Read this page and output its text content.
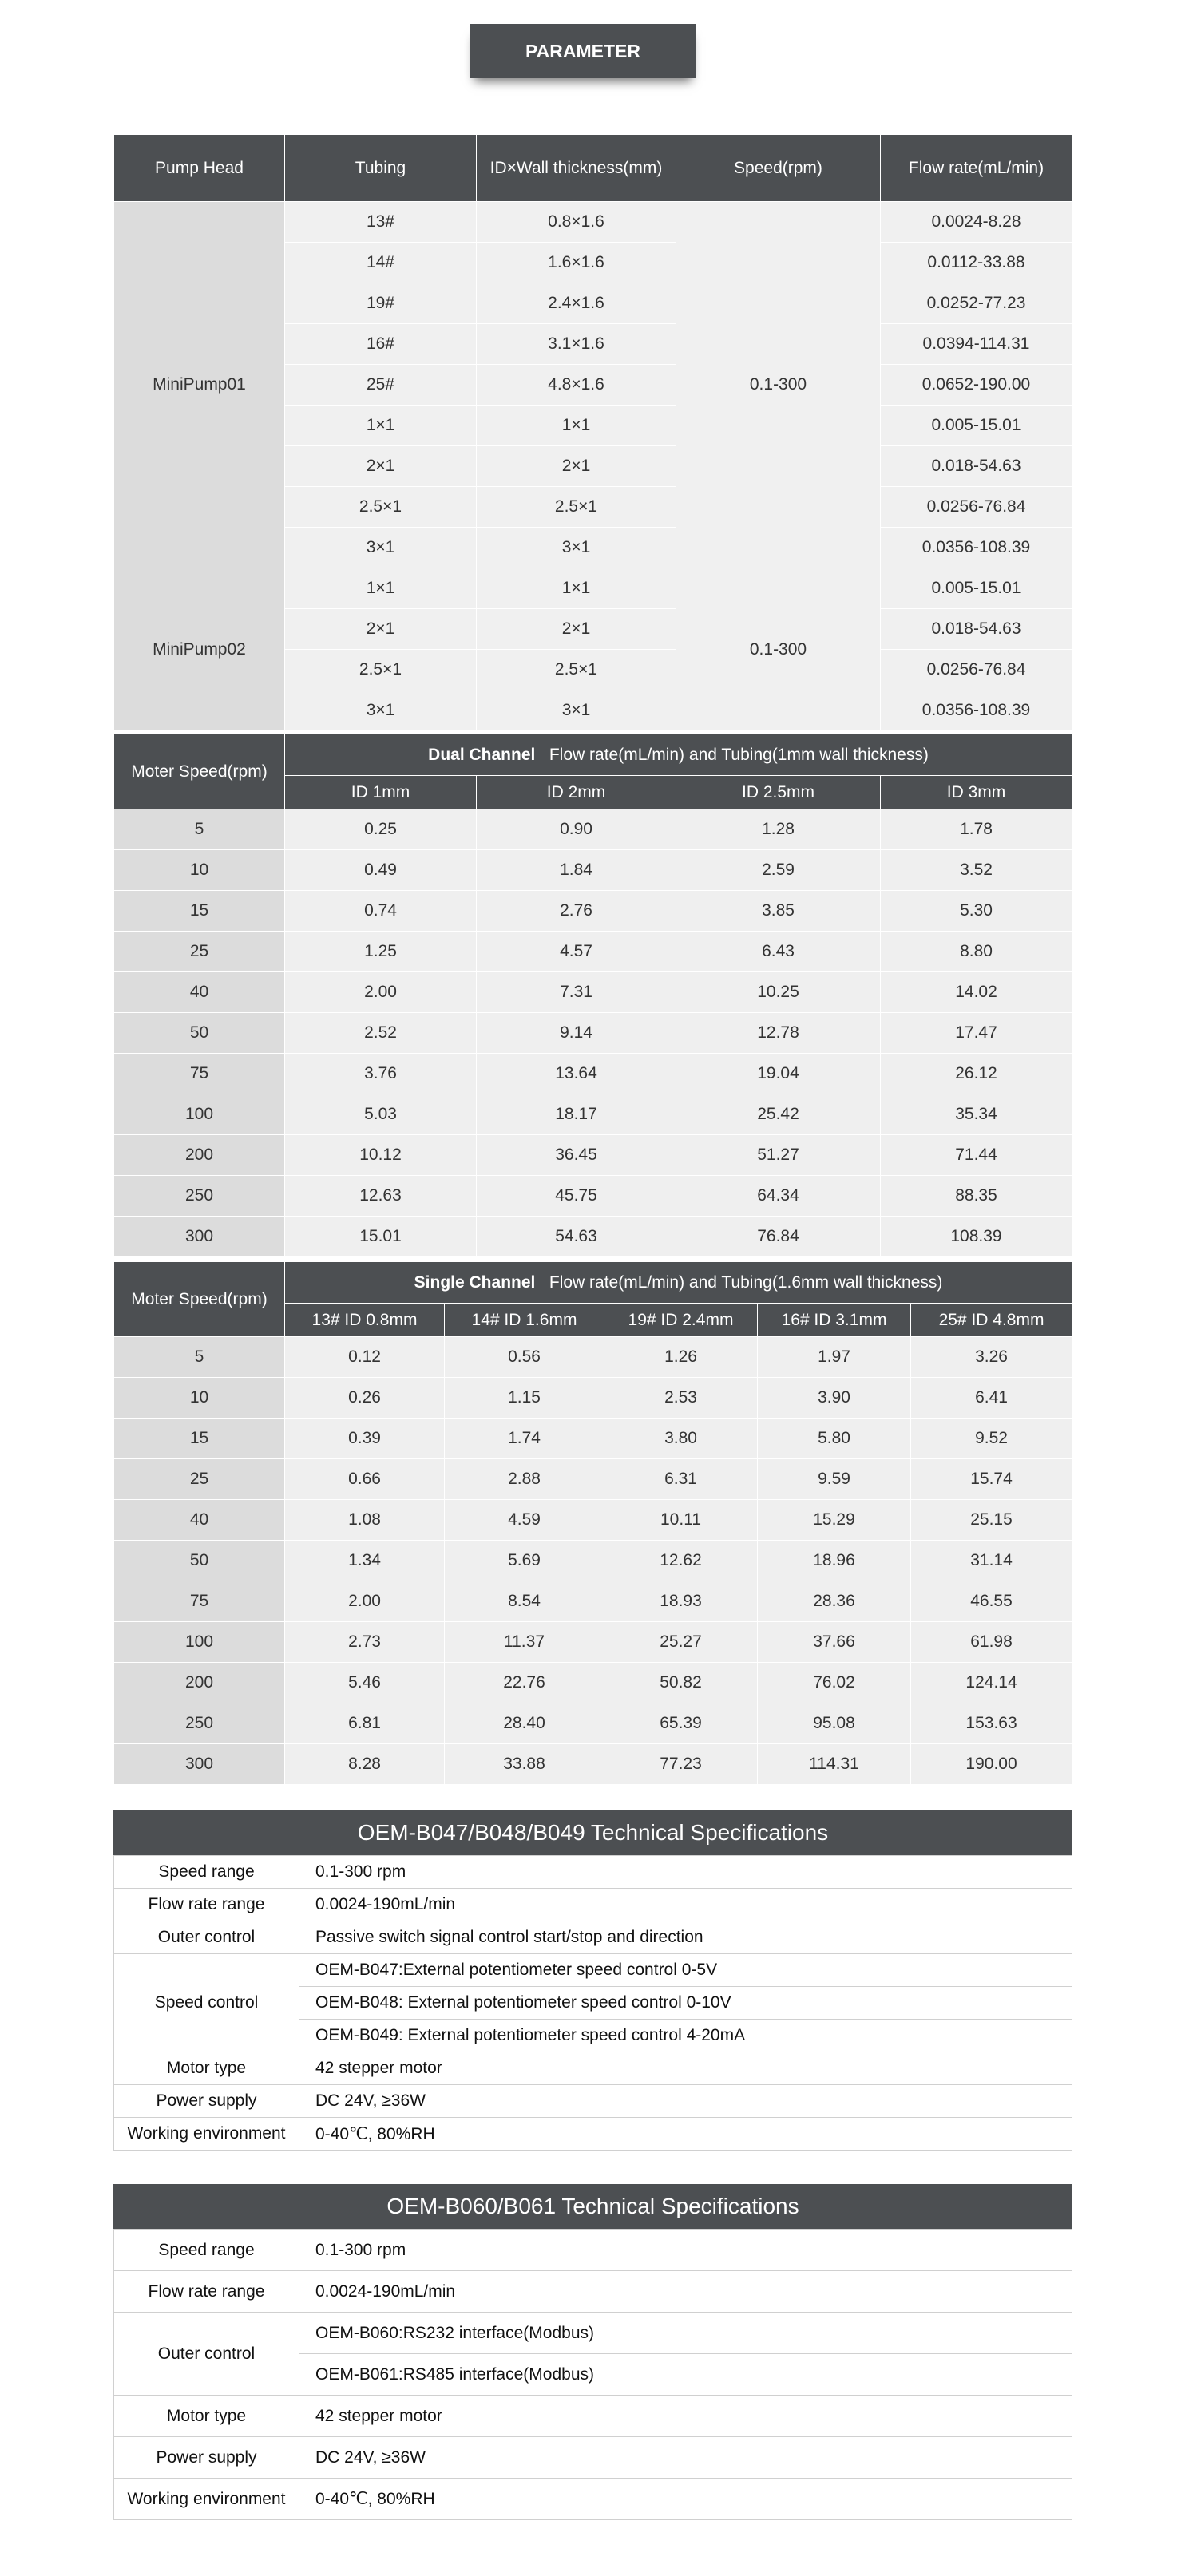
PARAMETER
Pump Head	Tubing	ID×Wall thickness(mm)	Speed(rpm)	Flow rate(mL/min)
MiniPump01	13#	0.8×1.6	0.1-300	0.0024-8.28
	14#	1.6×1.6		0.0112-33.88
	19#	2.4×1.6		0.0252-77.23
	16#	3.1×1.6		0.0394-114.31
	25#	4.8×1.6		0.0652-190.00
	1×1	1×1		0.005-15.01
	2×1	2×1		0.018-54.63
	2.5×1	2.5×1		0.0256-76.84
	3×1	3×1		0.0356-108.39
MiniPump02	1×1	1×1	0.1-300	0.005-15.01
	2×1	2×1		0.018-54.63
	2.5×1	2.5×1		0.0256-76.84
	3×1	3×1		0.0356-108.39
Moter Speed(rpm)	Dual Channel Flow rate(mL/min) and Tubing(1mm wall thickness)			
	ID 1mm	ID 2mm	ID 2.5mm	ID 3mm
5	0.25	0.90	1.28	1.78
10	0.49	1.84	2.59	3.52
15	0.74	2.76	3.85	5.30
25	1.25	4.57	6.43	8.80
40	2.00	7.31	10.25	14.02
50	2.52	9.14	12.78	17.47
75	3.76	13.64	19.04	26.12
100	5.03	18.17	25.42	35.34
200	10.12	36.45	51.27	71.44
250	12.63	45.75	64.34	88.35
300	15.01	54.63	76.84	108.39
Moter Speed(rpm)	Single Channel Flow rate(mL/min) and Tubing(1.6mm wall thickness)				
	13# ID 0.8mm	14# ID 1.6mm	19# ID 2.4mm	16# ID 3.1mm	25# ID 4.8mm
5	0.12	0.56	1.26	1.97	3.26
10	0.26	1.15	2.53	3.90	6.41
15	0.39	1.74	3.80	5.80	9.52
25	0.66	2.88	6.31	9.59	15.74
40	1.08	4.59	10.11	15.29	25.15
50	1.34	5.69	12.62	18.96	31.14
75	2.00	8.54	18.93	28.36	46.55
100	2.73	11.37	25.27	37.66	61.98
200	5.46	22.76	50.82	76.02	124.14
250	6.81	28.40	65.39	95.08	153.63
300	8.28	33.88	77.23	114.31	190.00
OEM-B047/B048/B049 Technical Specifications
Speed range	0.1-300 rpm
Flow rate range	0.0024-190mL/min
Outer control	Passive switch signal control start/stop and direction
Speed control	OEM-B047:External potentiometer speed control 0-5V
	OEM-B048: External potentiometer speed control 0-10V
	OEM-B049: External potentiometer speed control 4-20mA
Motor type	42 stepper motor
Power supply	DC 24V, ≥36W
Working environment	0-40℃, 80%RH
OEM-B060/B061 Technical Specifications
Speed range	0.1-300 rpm
Flow rate range	0.0024-190mL/min
Outer control	OEM-B060:RS232 interface(Modbus)
	OEM-B061:RS485 interface(Modbus)
Motor type	42 stepper motor
Power supply	DC 24V, ≥36W
Working environment	0-40℃, 80%RH
